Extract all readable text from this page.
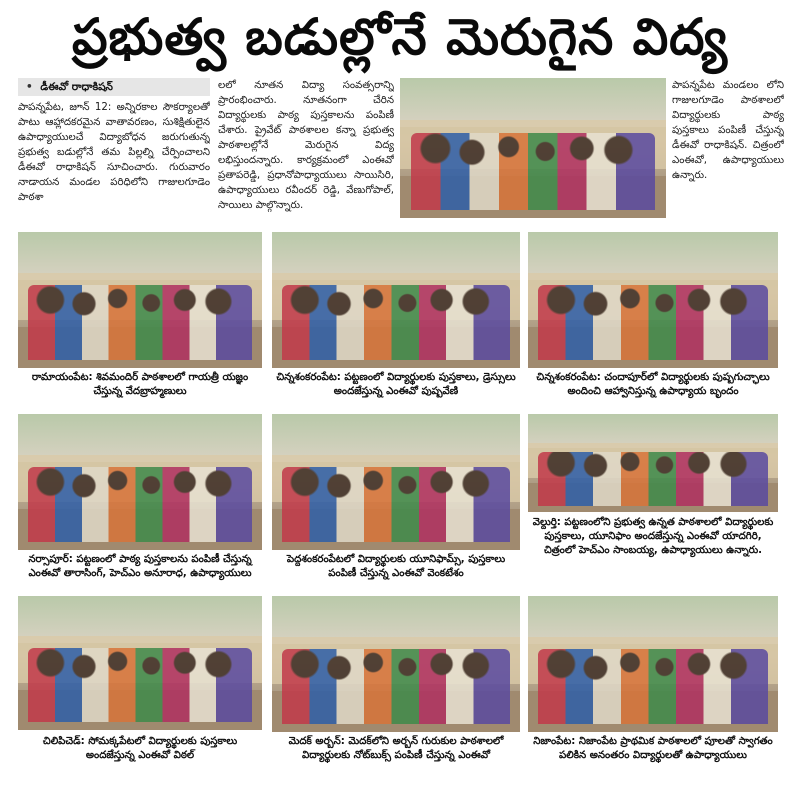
ప్రభుత్వ బడుల్లోనే మెరుగైన విద్య
• డీఈవో రాధాకిషన్
పాపన్నపేట, జూన్ 12: అన్నిరకాల సౌకర్యాలతో పాటు ఆహ్లాదకరమైన వాతావరణం, సుశిక్షితులైన ఉపాధ్యాయులచే విద్యాబోధన జరుగుతున్న ప్రభుత్వ బడుల్లోనే తమ పిల్లల్ని చేర్పించాలని డీఈవో రాధాకిషన్ సూచించారు. గురువారం నాడాయన మండల పరిధిలోని గాజులగూడెం పాఠశా
లలో నూతన విద్యా సంవత్సరాన్ని ప్రారంభించారు. నూతనంగా చేరిన విద్యార్థులకు పాఠ్య పుస్తకాలను పంపిణీ చేశారు. ప్రైవేట్ పాఠశాలల కన్నా ప్రభుత్వ పాఠశాలల్లోనే మెరుగైన విద్య లభిస్తుందన్నారు. కార్యక్రమంలో ఎంఈవో ప్రతాపరెడ్డి, ప్రధానోపాధ్యాయులు సాయిసిరి, ఉపాధ్యాయులు రవీందర్ రెడ్డి, వేణుగోపాల్, సాయిలు పాల్గొన్నారు.
పాపన్నపేట మండలం లోని గాజులగూడెం పాఠశాలలో విద్యార్థులకు పాఠ్య పుస్తకాలు పంపిణీ చేస్తున్న డీఈవో రాధాకిషన్. చిత్రంలో ఎంఈవో, ఉపాధ్యాయులు ఉన్నారు.
రామాయంపేట: శివమందిర్ పాఠశాలలో గాయత్రీ యజ్ఞం చేస్తున్న వేదబ్రాహ్మణులు
చిన్నశంకరంపేట: పట్టణంలో విద్యార్థులకు పుస్తకాలు, డ్రెస్సులు అందజేస్తున్న ఎంఈవో పుష్పవేణి
చిన్నశంకరంపేట: చందాపూర్‌లో విద్యార్థులకు పుష్పగుచ్ఛాలు అందించి ఆహ్వానిస్తున్న ఉపాధ్యాయ బృందం
నర్సాపూర్: పట్టణంలో పాఠ్య పుస్తకాలను పంపిణీ చేస్తున్న ఎంఈవో తారాసింగ్, హెచ్‌ఎం అనూరాధ, ఉపాధ్యాయులు
పెద్దశంకరంపేటలో విద్యార్థులకు యూనిఫామ్స్, పుస్తకాలు పంపిణీ చేస్తున్న ఎంఈవో వెంకటేశం
వెల్దుర్తి: పట్టణంలోని ప్రభుత్వ ఉన్నత పాఠశాలలో విద్యార్థులకు పుస్తకాలు, యూనిఫాం అందజేస్తున్న ఎంఈవో యాదగిరి, చిత్రంలో హెచ్‌ఎం సాంబయ్య, ఉపాధ్యాయులు ఉన్నారు.
చిలిపిచెడ్: సోమక్కపేటలో విద్యార్థులకు పుస్తకాలు అందజేస్తున్న ఎంఈవో విఠల్
మెదక్ అర్బన్: మెదక్‌లోని అర్బన్ గురుకుల పాఠశాలలో విద్యార్థులకు నోట్‌బుక్స్ పంపిణీ చేస్తున్న ఎంఈవో
నిజాంపేట: నిజాంపేట ప్రాథమిక పాఠశాలలో పూలతో స్వాగతం పలికిన అనంతరం విద్యార్థులతో ఉపాధ్యాయులు
